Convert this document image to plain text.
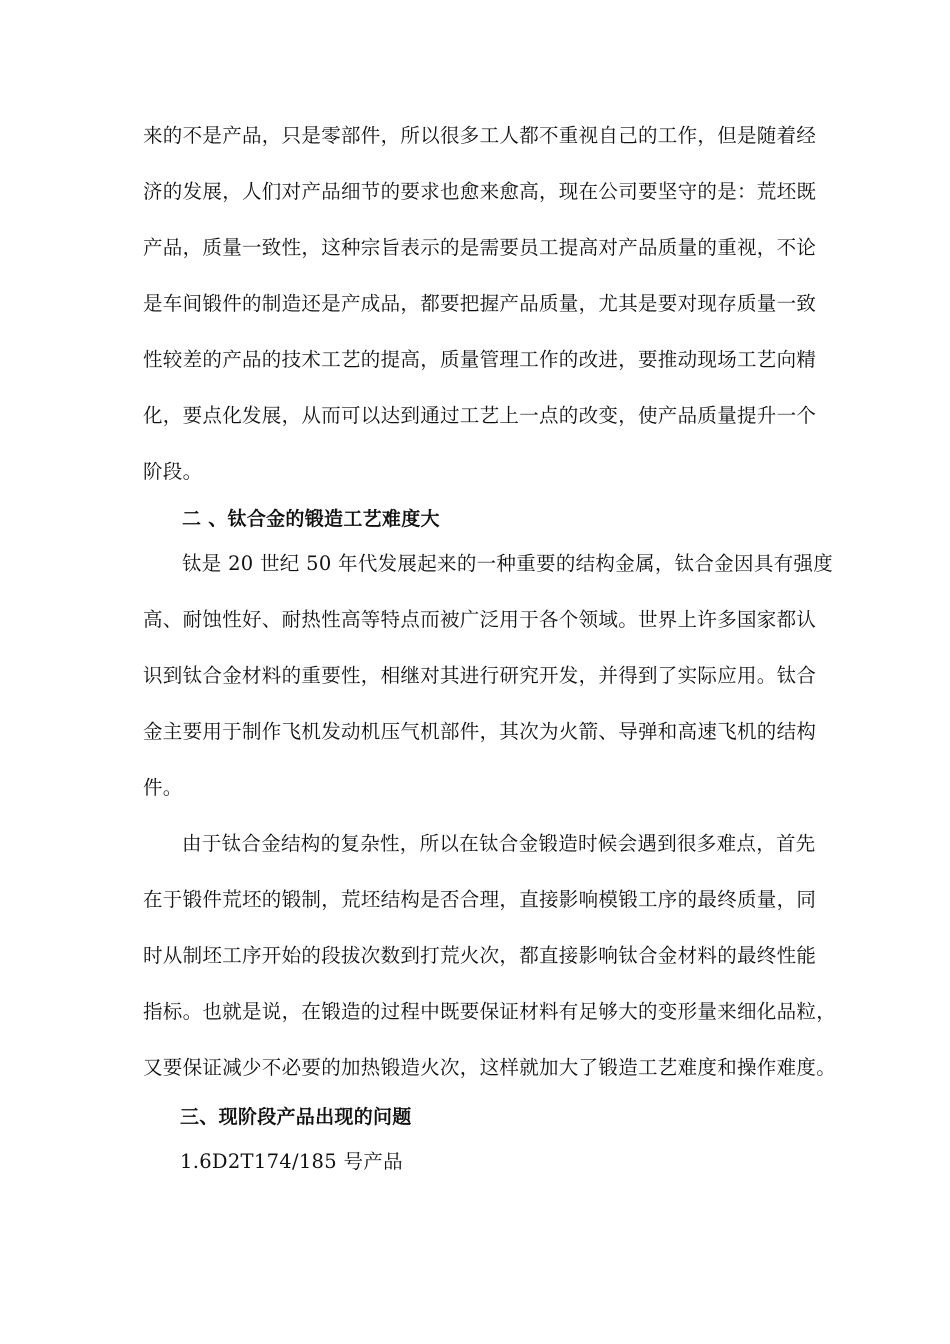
来的不是产品，只是零部件，所以很多工人都不重视自己的工作，但是随着经
济的发展，人们对产品细节的要求也愈来愈高，现在公司要坚守的是：荒坯既
产品，质量一致性，这种宗旨表示的是需要员工提高对产品质量的重视，不论
是车间锻件的制造还是产成品，都要把握产品质量，尤其是要对现存质量一致
性较差的产品的技术工艺的提高，质量管理工作的改进，要推动现场工艺向精
化，要点化发展，从而可以达到通过工艺上一点的改变，使产品质量提升一个
阶段。
二 、钛合金的锻造工艺难度大
钛是 20 世纪 50 年代发展起来的一种重要的结构金属，钛合金因具有强度
高、耐蚀性好、耐热性高等特点而被广泛用于各个领域。世界上许多国家都认
识到钛合金材料的重要性，相继对其进行研究开发，并得到了实际应用。钛合
金主要用于制作飞机发动机压气机部件，其次为火箭、导弹和高速飞机的结构
件。
由于钛合金结构的复杂性，所以在钛合金锻造时候会遇到很多难点，首先
在于锻件荒坯的锻制，荒坯结构是否合理，直接影响模锻工序的最终质量，同
时从制坯工序开始的段拔次数到打荒火次，都直接影响钛合金材料的最终性能
指标。也就是说，在锻造的过程中既要保证材料有足够大的变形量来细化品粒，
又要保证减少不必要的加热锻造火次，这样就加大了锻造工艺难度和操作难度。
三、现阶段产品出现的问题
1.6D2T174/185 号产品
